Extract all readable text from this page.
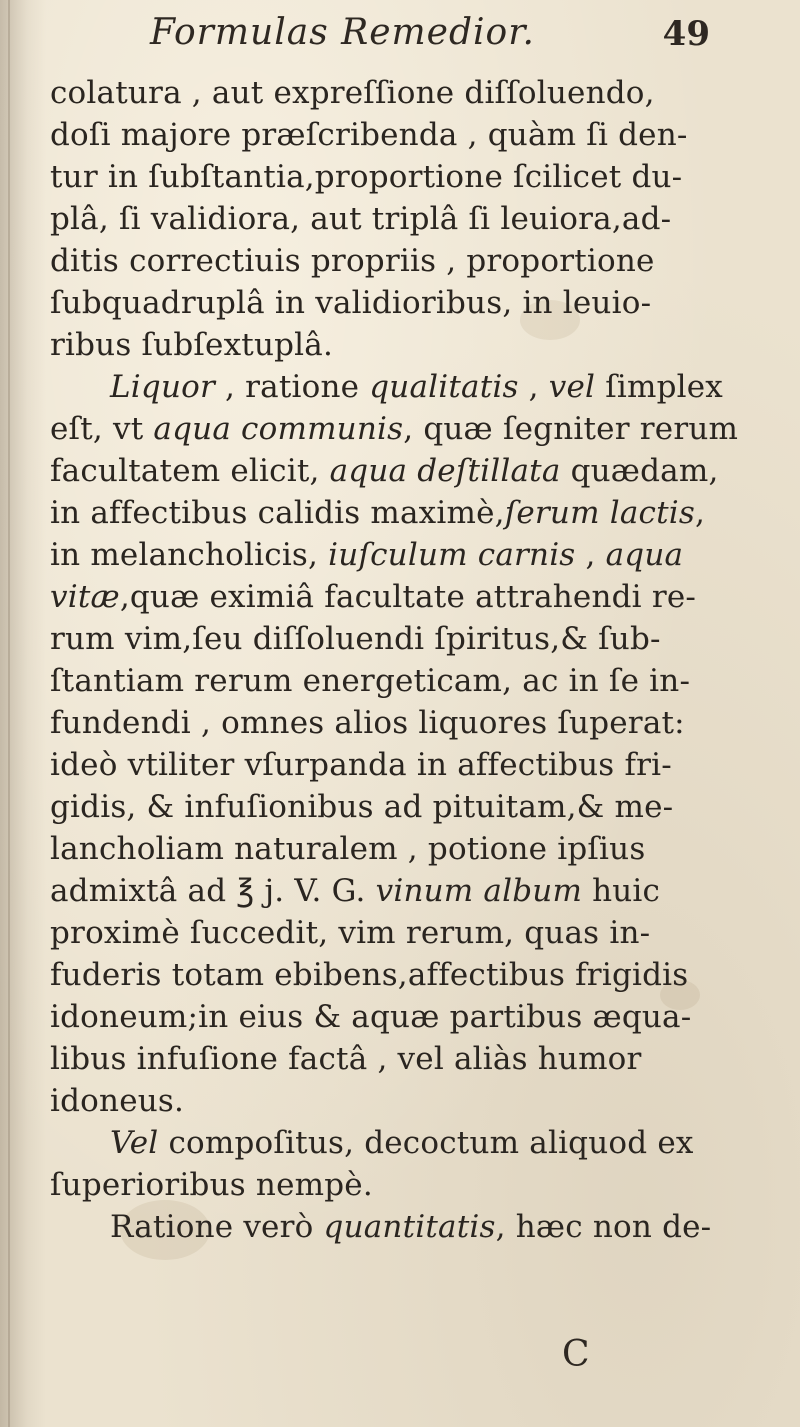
Formulas Remedior.	49
colatura , aut expreſſione diſſoluendo,
doſi majore præſcribenda , quàm ſi den-
tur in ſubſtantia,proportione ſcilicet du-
plâ, ſi validiora, aut triplâ ſi leuiora,ad-
ditis correctiuis propriis , proportione
ſubquadruplâ in validioribus, in leuio-
ribus ſubſextuplâ.
Liquor , ratione qualitatis , vel ſimplex
eſt, vt aqua communis, quæ ſegniter rerum
facultatem elicit, aqua deſtillata quædam,
in affectibus calidis maximè,ſerum lactis,
in melancholicis, iuſculum carnis , aqua
vitæ,quæ eximiâ facultate attrahendi re-
rum vim,ſeu diſſoluendi ſpiritus,& ſub-
ſtantiam rerum energeticam, ac in ſe in-
fundendi , omnes alios liquores ſuperat:
ideò vtiliter vſurpanda in affectibus fri-
gidis, & infuſionibus ad pituitam,& me-
lancholiam naturalem , potione ipſius
admixtâ ad ℥ j. V. G. vinum album huic
proximè ſuccedit, vim rerum, quas in-
fuderis totam ebibens,affectibus frigidis
idoneum;in eius & aquæ partibus æqua-
libus infuſione factâ , vel aliàs humor
idoneus.
Vel compoſitus, decoctum aliquod ex
ſuperioribus nempè.
Ratione verò quantitatis, hæc non de-
C
